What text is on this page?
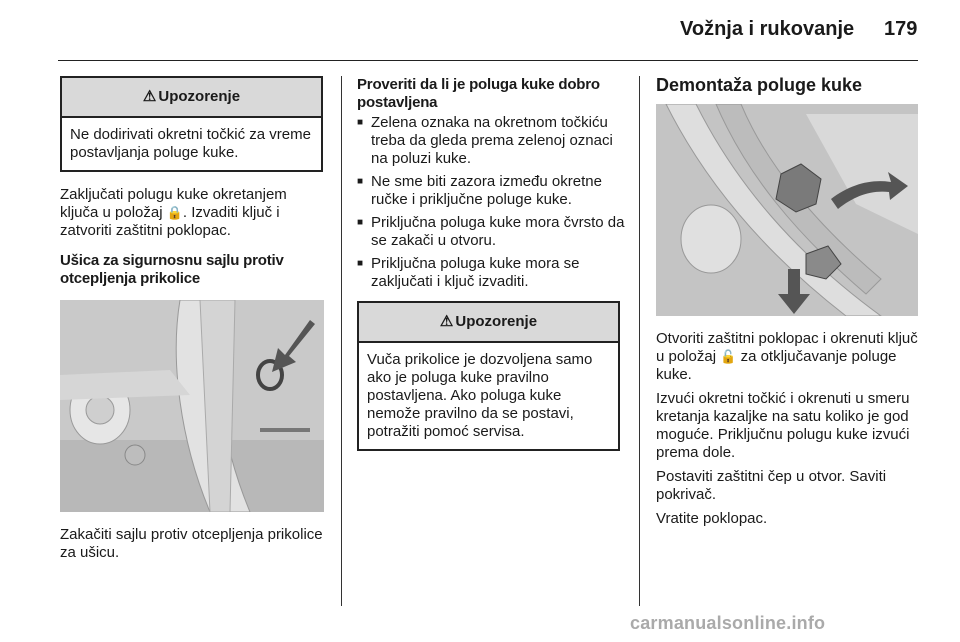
Vožnja i rukovanje 179
⚠ Upozorenje
Ne dodirivati okretni točkić za vreme postavljanja poluge kuke.

Zaključati polugu kuke okretanjem ključa u položaj 🔒. Izvaditi ključ i zatvoriti zaštitni poklopac.

Ušica za sigurnosnu sajlu protiv otcepljenja prikolice

Zakačiti sajlu protiv otcepljenja prikolice za ušicu.

Proveriti da li je poluga kuke dobro postavljena

■ Zelena oznaka na okretnom točkiću treba da gleda prema zelenoj oznaci na poluzi kuke.
■ Ne sme biti zazora između okretne ručke i priključne poluge kuke.
■ Priključna poluga kuke mora čvrsto da se zakači u otvoru.
■ Priključna poluga kuke mora se zaključati i ključ izvaditi.
⚠ Upozorenje
Vuča prikolice je dozvoljena samo ako je poluga kuke pravilno postavljena. Ako poluga kuke nemože pravilno da se postavi, potražiti pomoć servisa.

Demontaža poluge kuke

Otvoriti zaštitni poklopac i okrenuti ključ u položaj 🔓 za otključavanje poluge kuke.

Izvući okretni točkić i okrenuti u smeru kretanja kazaljke na satu koliko je god moguće. Priključnu polugu kuke izvući prema dole.

Postaviti zaštitni čep u otvor. Saviti pokrivač.

Vratite poklopac.

carmanualsonline.info
